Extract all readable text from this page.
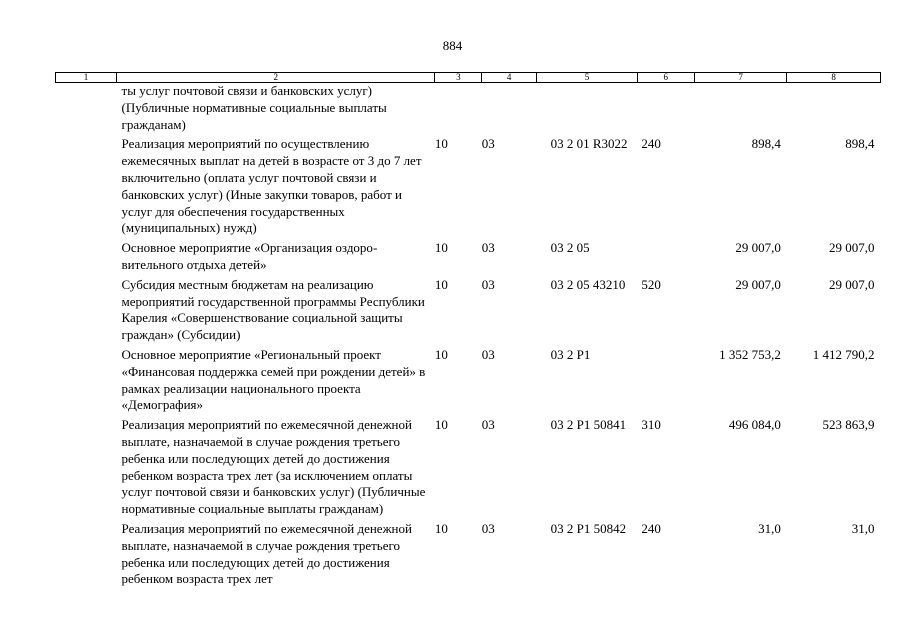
884
1	2	3	4	5	6	7	8
	ты услуг почтовой связи и банковских услуг) (Публичные нормативные социальные выплаты гражданам)						
	Реализация мероприятий по осуществлению ежемесячных выплат на детей в возрасте от 3 до 7 лет включительно (оплата услуг почтовой связи и банковских услуг) (Иные закупки товаров, работ и услуг для обеспечения государственных (муниципальных) нужд)	10	03	03 2 01 R3022	240	898,4	898,4
	Основное мероприятие «Организация оздоровительного отдыха детей»	10	03	03 2 05		29 007,0	29 007,0
	Субсидия местным бюджетам на реализацию мероприятий государственной программы Республики Карелия «Совершенствование социальной защиты граждан» (Субсидии)	10	03	03 2 05 43210	520	29 007,0	29 007,0
	Основное мероприятие «Региональный проект «Финансовая поддержка семей при рождении детей» в рамках реализации национального проекта «Демография»	10	03	03 2 P1		1 352 753,2	1 412 790,2
	Реализация мероприятий по ежемесячной денежной выплате, назначаемой в случае рождения третьего ребенка или последующих детей до достижения ребенком возраста трех лет (за исключением оплаты услуг почтовой связи и банковских услуг) (Публичные нормативные социальные выплаты гражданам)	10	03	03 2 P1 50841	310	496 084,0	523 863,9
	Реализация мероприятий по ежемесячной денежной выплате, назначаемой в случае рождения третьего ребенка или последующих детей до достижения ребенком возраста трех лет	10	03	03 2 P1 50842	240	31,0	31,0
